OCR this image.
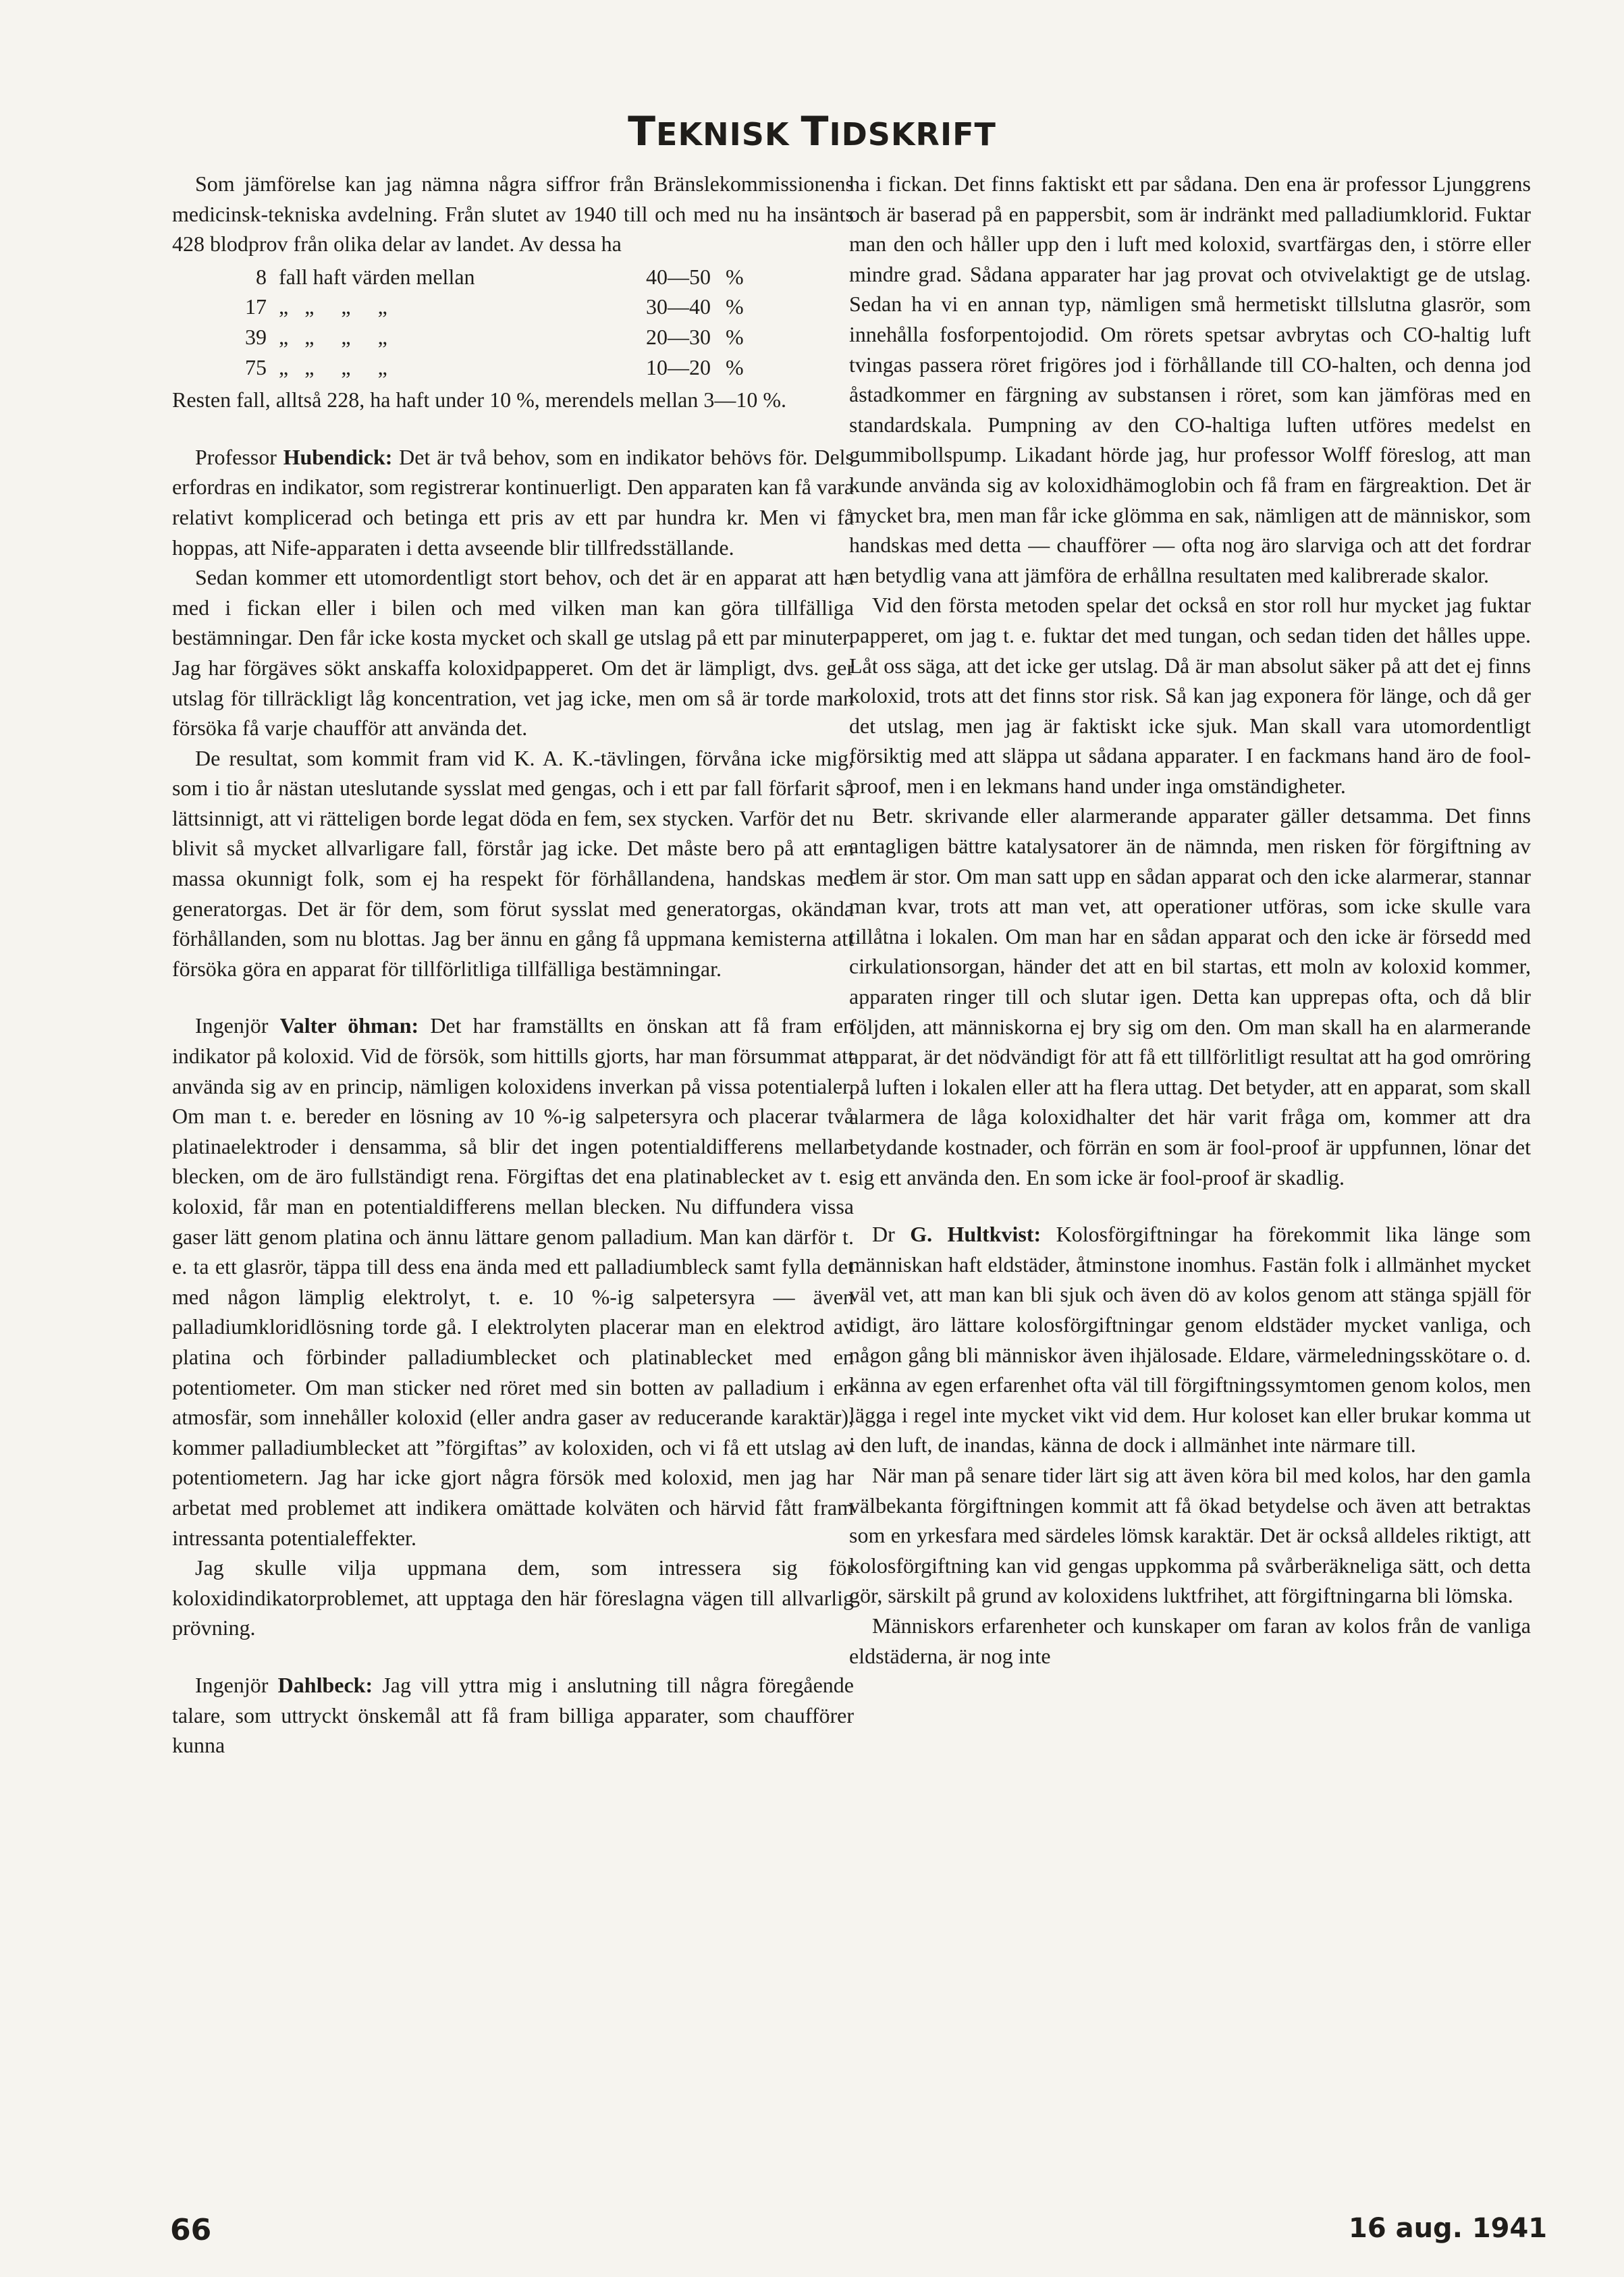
TEKNISK TIDSKRIFT

Som jämförelse kan jag nämna några siffror från Bränslekommissionens medicinsk-tekniska avdelning. Från slutet av 1940 till och med nu ha insänts 428 blodprov från olika delar av landet. Av dessa ha

8 fall haft värden mellan	40—50 %
17 „   „     „     „	30—40 %
39 „   „     „     „	20—30 %
75 „   „     „     „	10—20 %

Resten fall, alltså 228, ha haft under 10 %, merendels mellan 3—10 %.

Professor Hubendick: Det är två behov, som en indikator behövs för. Dels erfordras en indikator, som registrerar kontinuerligt. Den apparaten kan få vara relativt komplicerad och betinga ett pris av ett par hundra kr. Men vi få hoppas, att Nife-apparaten i detta avseende blir tillfredsställande.

Sedan kommer ett utomordentligt stort behov, och det är en apparat att ha med i fickan eller i bilen och med vilken man kan göra tillfälliga bestämningar. Den får icke kosta mycket och skall ge utslag på ett par minuter. Jag har förgäves sökt anskaffa koloxidpapperet. Om det är lämpligt, dvs. ger utslag för tillräckligt låg koncentration, vet jag icke, men om så är torde man försöka få varje chaufför att använda det.

De resultat, som kommit fram vid K. A. K.-tävlingen, förvåna icke mig, som i tio år nästan uteslutande sysslat med gengas, och i ett par fall förfarit så lättsinnigt, att vi rätteligen borde legat döda en fem, sex stycken. Varför det nu blivit så mycket allvarligare fall, förstår jag icke. Det måste bero på att en massa okunnigt folk, som ej ha respekt för förhållandena, handskas med generatorgas. Det är för dem, som förut sysslat med generatorgas, okända förhållanden, som nu blottas. Jag ber ännu en gång få uppmana kemisterna att försöka göra en apparat för tillförlitliga tillfälliga bestämningar.

Ingenjör Valter öhman: Det har framställts en önskan att få fram en indikator på koloxid. Vid de försök, som hittills gjorts, har man försummat att använda sig av en princip, nämligen koloxidens inverkan på vissa potentialer. Om man t. e. bereder en lösning av 10 %-ig salpetersyra och placerar två platinaelektroder i densamma, så blir det ingen potentialdifferens mellan blecken, om de äro fullständigt rena. Förgiftas det ena platinablecket av t. e. koloxid, får man en potentialdifferens mellan blecken. Nu diffundera vissa gaser lätt genom platina och ännu lättare genom palladium. Man kan därför t. e. ta ett glasrör, täppa till dess ena ända med ett palladiumbleck samt fylla det med någon lämplig elektrolyt, t. e. 10 %-ig salpetersyra — även palladiumkloridlösning torde gå. I elektrolyten placerar man en elektrod av platina och förbinder palladiumblecket och platinablecket med en potentiometer. Om man sticker ned röret med sin botten av palladium i en atmosfär, som innehåller koloxid (eller andra gaser av reducerande karaktär), kommer palladiumblecket att ”förgiftas” av koloxiden, och vi få ett utslag av potentiometern. Jag har icke gjort några försök med koloxid, men jag har arbetat med problemet att indikera omättade kolväten och härvid fått fram intressanta potentialeffekter.

Jag skulle vilja uppmana dem, som intressera sig för koloxidindikatorproblemet, att upptaga den här föreslagna vägen till allvarlig prövning.

Ingenjör Dahlbeck: Jag vill yttra mig i anslutning till några föregående talare, som uttryckt önskemål att få fram billiga apparater, som chaufförer kunna

ha i fickan. Det finns faktiskt ett par sådana. Den ena är professor Ljunggrens och är baserad på en pappersbit, som är indränkt med palladiumklorid. Fuktar man den och håller upp den i luft med koloxid, svartfärgas den, i större eller mindre grad. Sådana apparater har jag provat och otvivelaktigt ge de utslag. Sedan ha vi en annan typ, nämligen små hermetiskt tillslutna glasrör, som innehålla fosforpentojodid. Om rörets spetsar avbrytas och CO-haltig luft tvingas passera röret frigöres jod i förhållande till CO-halten, och denna jod åstadkommer en färgning av substansen i röret, som kan jämföras med en standardskala. Pumpning av den CO-haltiga luften utföres medelst en gummibollspump. Likadant hörde jag, hur professor Wolff föreslog, att man kunde använda sig av koloxidhämoglobin och få fram en färgreaktion. Det är mycket bra, men man får icke glömma en sak, nämligen att de människor, som handskas med detta — chaufförer — ofta nog äro slarviga och att det fordrar en betydlig vana att jämföra de erhållna resultaten med kalibrerade skalor.

Vid den första metoden spelar det också en stor roll hur mycket jag fuktar papperet, om jag t. e. fuktar det med tungan, och sedan tiden det hålles uppe. Låt oss säga, att det icke ger utslag. Då är man absolut säker på att det ej finns koloxid, trots att det finns stor risk. Så kan jag exponera för länge, och då ger det utslag, men jag är faktiskt icke sjuk. Man skall vara utomordentligt försiktig med att släppa ut sådana apparater. I en fackmans hand äro de fool-proof, men i en lekmans hand under inga omständigheter.

Betr. skrivande eller alarmerande apparater gäller detsamma. Det finns antagligen bättre katalysatorer än de nämnda, men risken för förgiftning av dem är stor. Om man satt upp en sådan apparat och den icke alarmerar, stannar man kvar, trots att man vet, att operationer utföras, som icke skulle vara tillåtna i lokalen. Om man har en sådan apparat och den icke är försedd med cirkulationsorgan, händer det att en bil startas, ett moln av koloxid kommer, apparaten ringer till och slutar igen. Detta kan upprepas ofta, och då blir följden, att människorna ej bry sig om den. Om man skall ha en alarmerande apparat, är det nödvändigt för att få ett tillförlitligt resultat att ha god omröring på luften i lokalen eller att ha flera uttag. Det betyder, att en apparat, som skall alarmera de låga koloxidhalter det här varit fråga om, kommer att dra betydande kostnader, och förrän en som är fool-proof är uppfunnen, lönar det sig ett använda den. En som icke är fool-proof är skadlig.

Dr G. Hultkvist: Kolosförgiftningar ha förekommit lika länge som människan haft eldstäder, åtminstone inomhus. Fastän folk i allmänhet mycket väl vet, att man kan bli sjuk och även dö av kolos genom att stänga spjäll för tidigt, äro lättare kolosförgiftningar genom eldstäder mycket vanliga, och någon gång bli människor även ihjälosade. Eldare, värmeledningsskötare o. d. känna av egen erfarenhet ofta väl till förgiftningssymtomen genom kolos, men lägga i regel inte mycket vikt vid dem. Hur koloset kan eller brukar komma ut i den luft, de inandas, känna de dock i allmänhet inte närmare till.

När man på senare tider lärt sig att även köra bil med kolos, har den gamla välbekanta förgiftningen kommit att få ökad betydelse och även att betraktas som en yrkesfara med särdeles lömsk karaktär. Det är också alldeles riktigt, att kolosförgiftning kan vid gengas uppkomma på svårberäkneliga sätt, och detta gör, särskilt på grund av koloxidens luktfrihet, att förgiftningarna bli lömska.

Människors erfarenheter och kunskaper om faran av kolos från de vanliga eldstäderna, är nog inte

66	16 aug. 1941
